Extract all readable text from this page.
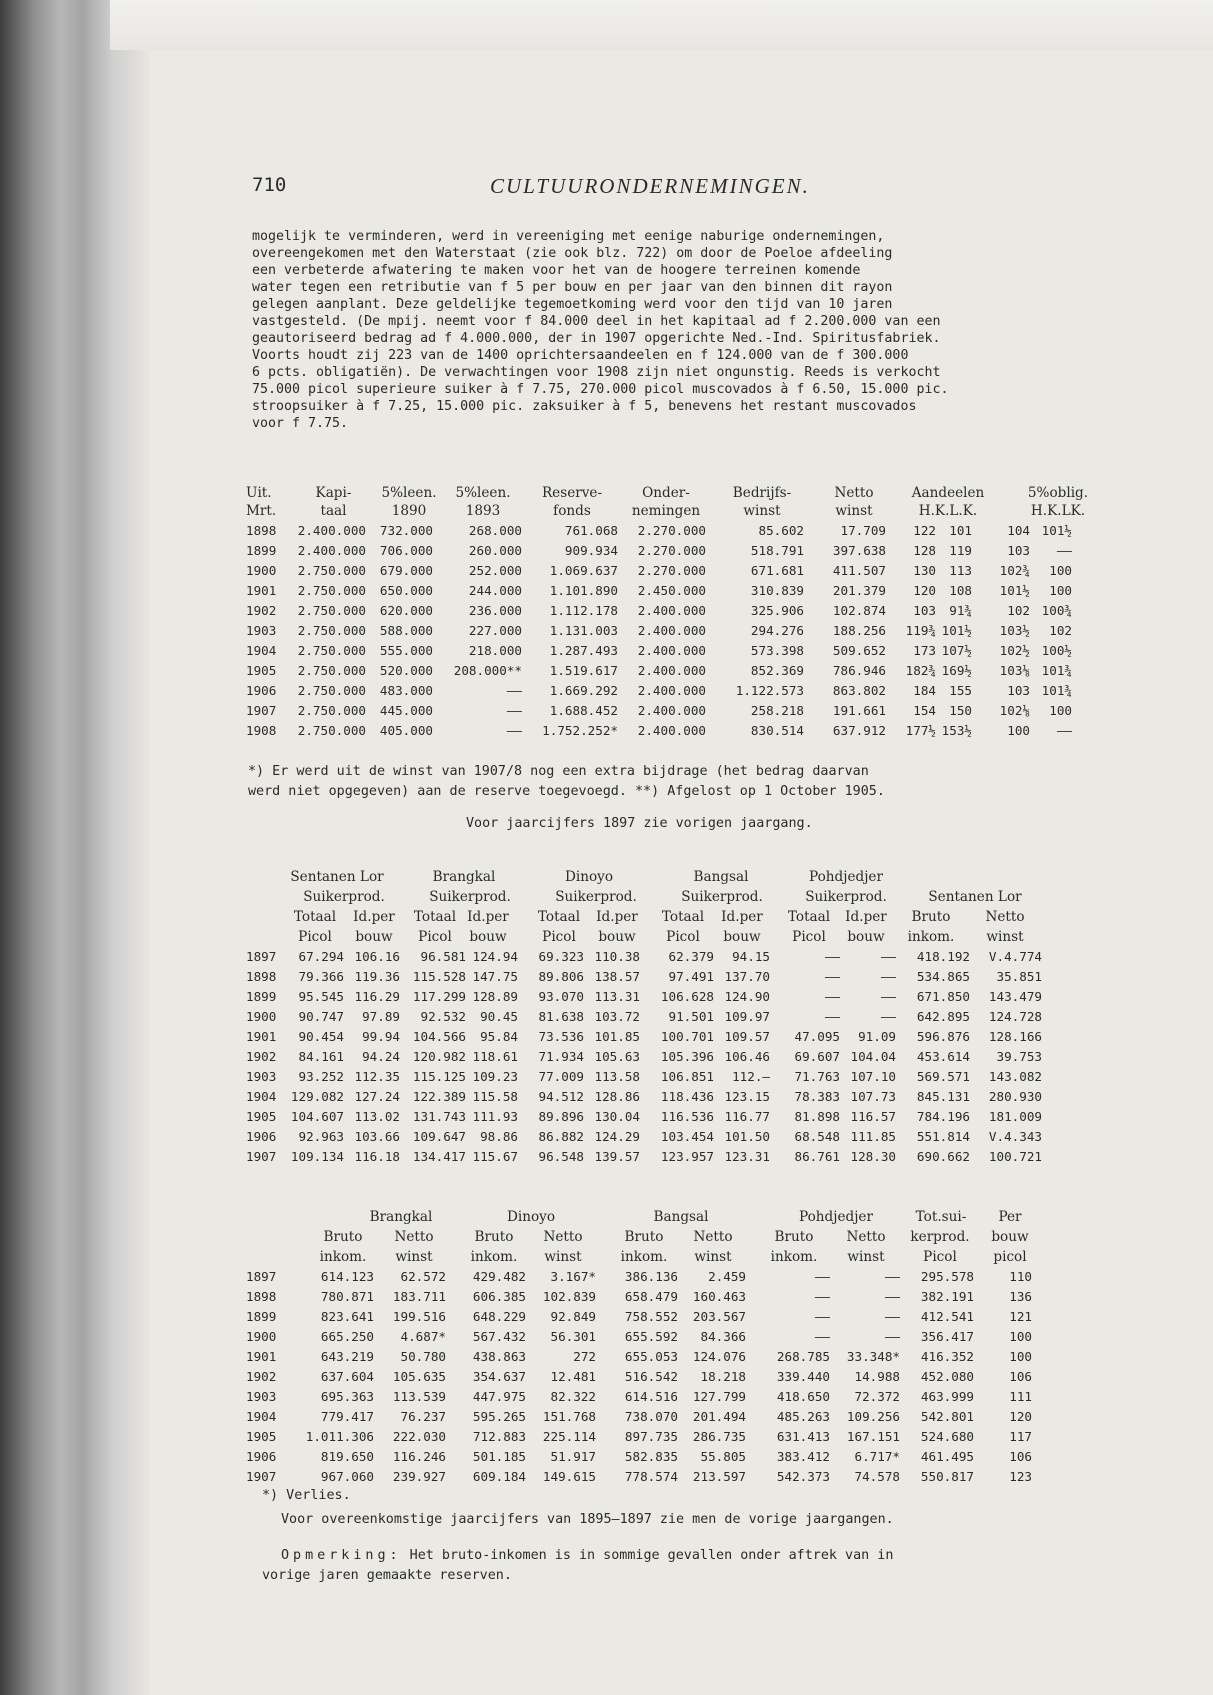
710	CULTUURONDERNEMINGEN.
mogelijk te verminderen, werd in vereeniging met eenige naburige ondernemingen,
overeengekomen met den Waterstaat (zie ook blz. 722) om door de Poeloe afdeeling
een verbeterde afwatering te maken voor het van de hoogere terreinen komende
water tegen een retributie van f 5 per bouw en per jaar van den binnen dit rayon
gelegen aanplant. Deze geldelijke tegemoetkoming werd voor den tijd van 10 jaren
vastgesteld. (De mpij. neemt voor f 84.000 deel in het kapitaal ad f 2.200.000 van een
geautoriseerd bedrag ad f 4.000.000, der in 1907 opgerichte Ned.-Ind. Spiritusfabriek.
Voorts houdt zij 223 van de 1400 oprichtersaandeelen en f 124.000 van de f 300.000
6 pcts. obligatiën). De verwachtingen voor 1908 zijn niet ongunstig. Reeds is verkocht
75.000 picol superieure suiker à f 7.75, 270.000 picol muscovados à f 6.50, 15.000 pic.
stroopsuiker à f 7.25, 15.000 pic. zaksuiker à f 5, benevens het restant muscovados
voor f 7.75.
Uit.	Kapi-	5%leen.	5%leen.	Reserve-	Onder-	Bedrijfs-	Netto	Aandeelen	5%oblig.
Mrt.	taal	1890	1893	fonds	nemingen	winst	winst	H.K.L.K.	H.K.LK.
1898	2.400.000	732.000	268.000	761.068	2.270.000	85.602	17.709	122	101	104 101½
1899	2.400.000	706.000	260.000	909.934	2.270.000	518.791	397.638	128	119	103	——
1900	2.750.000	679.000	252.000	1.069.637	2.270.000	671.681	411.507	130	113	102¾	100
1901	2.750.000	650.000	244.000	1.101.890	2.450.000	310.839	201.379	120	108	101½	100
1902	2.750.000	620.000	236.000	1.112.178	2.400.000	325.906	102.874	103	91¾	102 100¾
1903	2.750.000	588.000	227.000	1.131.003	2.400.000	294.276	188.256	119¾ 101½	103½	102
1904	2.750.000	555.000	218.000	1.287.493	2.400.000	573.398	509.652	173 107½	102½ 100½
1905	2.750.000	520.000	208.000**	1.519.617	2.400.000	852.369	786.946	182¾ 169½	103⅛ 101¾
1906	2.750.000	483.000	——	1.669.292	2.400.000	1.122.573	863.802	184	155	103 101¾
1907	2.750.000	445.000	——	1.688.452	2.400.000	258.218	191.661	154	150	102⅛	100
1908	2.750.000	405.000	——	1.752.252*	2.400.000	830.514	637.912	177½ 153½	100	——
*) Er werd uit de winst van 1907/8 nog een extra bijdrage (het bedrag daarvan
werd niet opgegeven) aan de reserve toegevoegd. **) Afgelost op 1 October 1905.
Voor jaarcijfers 1897 zie vorigen jaargang.
Sentanen Lor	Brangkal	Dinoyo	Bangsal	Pohdjedjer
Suikerprod.	Suikerprod.	Suikerprod.	Suikerprod.	Suikerprod.	Sentanen Lor
Totaal	Id.per	Totaal Id.per	Totaal	Id.per	Totaal	Id.per	Totaal	Id.per	Bruto	Netto
Picol	bouw	Picol	bouw	Picol	bouw	Picol	bouw	Picol	bouw	inkom.	winst
1897	67.294 106.16	96.581 124.94	69.323 110.38	62.379	94.15	——	——	418.192	V.4.774
1898	79.366 119.36	115.528 147.75	89.806 138.57	97.491 137.70	——	——	534.865	35.851
1899	95.545 116.29	117.299 128.89	93.070 113.31	106.628 124.90	——	——	671.850	143.479
1900	90.747	97.89	92.532	90.45	81.638 103.72	91.501 109.97	——	——	642.895	124.728
1901	90.454	99.94	104.566	95.84	73.536 101.85	100.701 109.57	47.095	91.09	596.876	128.166
1902	84.161	94.24	120.982 118.61	71.934 105.63	105.396 106.46	69.607 104.04	453.614	39.753
1903	93.252 112.35	115.125 109.23	77.009 113.58	106.851	112.—	71.763 107.10	569.571	143.082
1904	129.082 127.24	122.389 115.58	94.512 128.86	118.436 123.15	78.383 107.73	845.131	280.930
1905	104.607 113.02	131.743 111.93	89.896 130.04	116.536 116.77	81.898 116.57	784.196	181.009
1906	92.963 103.66	109.647	98.86	86.882 124.29	103.454 101.50	68.548 111.85	551.814	V.4.343
1907	109.134 116.18	134.417 115.67	96.548 139.57	123.957 123.31	86.761 128.30	690.662	100.721
Brangkal	Dinoyo	Bangsal	Pohdjedjer	Tot.sui-	Per
Bruto	Netto	Bruto	Netto	Bruto	Netto	Bruto	Netto	kerprod.	bouw
inkom.	winst	inkom.	winst	inkom.	winst	inkom.	winst	Picol	picol
1897	614.123	62.572	429.482	3.167*	386.136	2.459	——	——	295.578	110
1898	780.871	183.711	606.385	102.839	658.479	160.463	——	——	382.191	136
1899	823.641	199.516	648.229	92.849	758.552	203.567	——	——	412.541	121
1900	665.250	4.687*	567.432	56.301	655.592	84.366	——	——	356.417	100
1901	643.219	50.780	438.863	272	655.053	124.076	268.785	33.348*	416.352	100
1902	637.604	105.635	354.637	12.481	516.542	18.218	339.440	14.988	452.080	106
1903	695.363	113.539	447.975	82.322	614.516	127.799	418.650	72.372	463.999	111
1904	779.417	76.237	595.265	151.768	738.070	201.494	485.263	109.256	542.801	120
1905	1.011.306	222.030	712.883	225.114	897.735	286.735	631.413	167.151	524.680	117
1906	819.650	116.246	501.185	51.917	582.835	55.805	383.412	6.717*	461.495	106
1907	967.060	239.927	609.184	149.615	778.574	213.597	542.373	74.578	550.817	123
*) Verlies.
Voor overeenkomstige jaarcijfers van 1895—1897 zie men de vorige jaargangen.
Opmerking: Het bruto-inkomen is in sommige gevallen onder aftrek van in
vorige jaren gemaakte reserven.
